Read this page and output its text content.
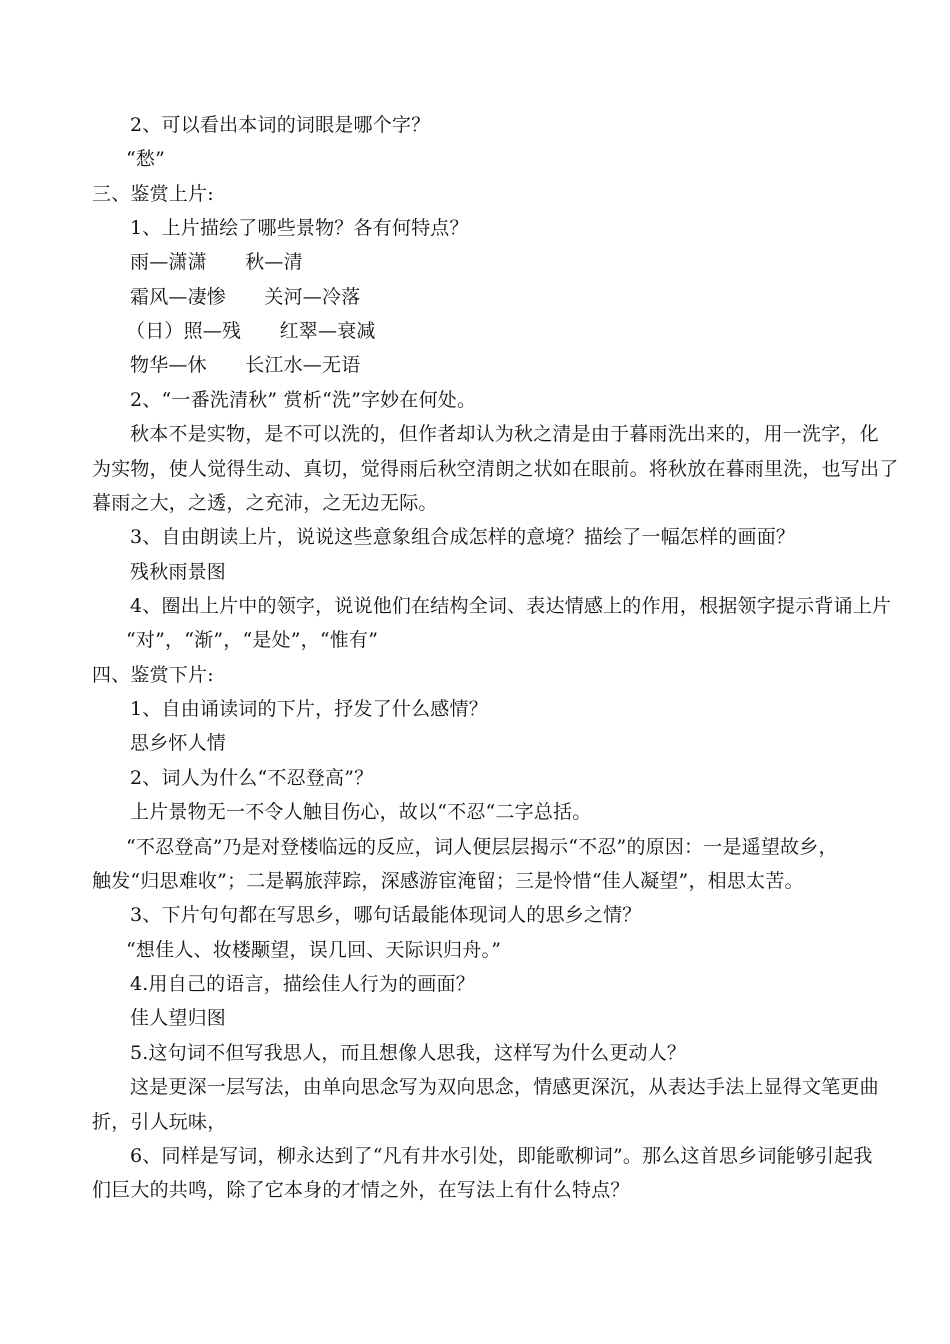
2、可以看出本词的词眼是哪个字？
“愁”
三、鉴赏上片:
1、上片描绘了哪些景物？各有何特点？
雨—潇潇　　秋—清
霜风—凄惨　　关河—冷落
（日）照—残　　红翠—衰减
物华—休　　长江水—无语
2、“一番洗清秋” 赏析“洗”字妙在何处。
秋本不是实物，是不可以洗的，但作者却认为秋之清是由于暮雨洗出来的，用一洗字，化
为实物，使人觉得生动、真切，觉得雨后秋空清朗之状如在眼前。将秋放在暮雨里洗，也写出了
暮雨之大，之透，之充沛，之无边无际。
3、自由朗读上片，说说这些意象组合成怎样的意境？描绘了一幅怎样的画面？
残秋雨景图
4、圈出上片中的领字，说说他们在结构全词、表达情感上的作用，根据领字提示背诵上片
“对”，“渐”，“是处”，“惟有”
四、鉴赏下片:
1、自由诵读词的下片，抒发了什么感情？
思乡怀人情
2、词人为什么“不忍登高”？
上片景物无一不令人触目伤心，故以“不忍“二字总括。
“不忍登高”乃是对登楼临远的反应，词人便层层揭示“不忍”的原因：一是遥望故乡，
触发“归思难收”；二是羁旅萍踪，深感游宦淹留；三是怜惜“佳人凝望”，相思太苦。
3、下片句句都在写思乡，哪句话最能体现词人的思乡之情？
“想佳人、妆楼颙望，误几回、天际识归舟。”
4.用自己的语言，描绘佳人行为的画面？
佳人望归图
5.这句词不但写我思人，而且想像人思我，这样写为什么更动人？
这是更深一层写法，由单向思念写为双向思念，情感更深沉，从表达手法上显得文笔更曲
折，引人玩味，
6、同样是写词，柳永达到了“凡有井水引处，即能歌柳词”。那么这首思乡词能够引起我
们巨大的共鸣，除了它本身的才情之外，在写法上有什么特点？
